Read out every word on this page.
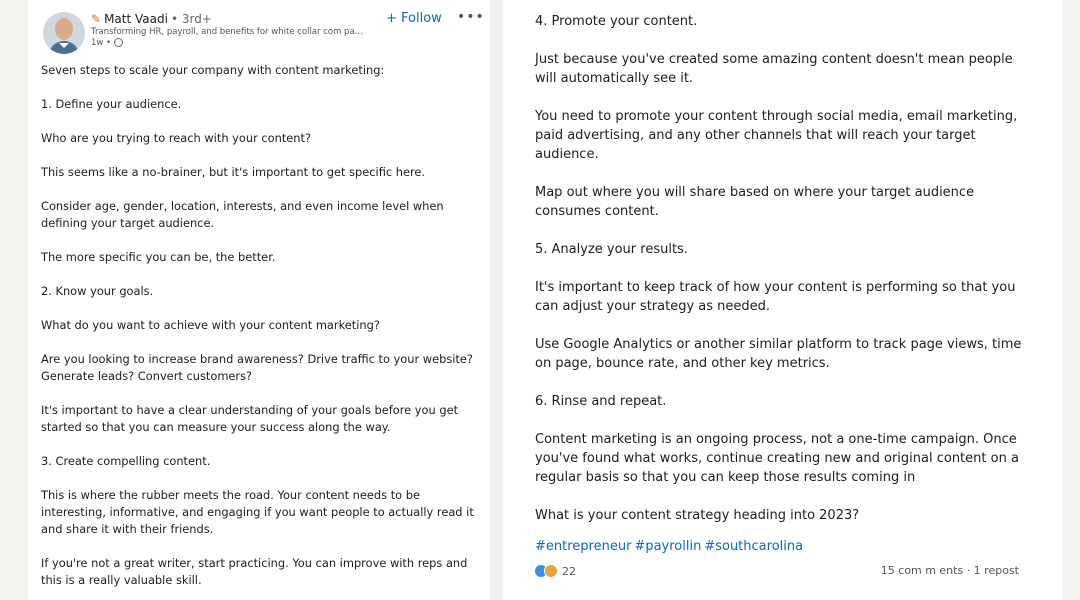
✎ Matt Vaadi • 3rd+
Transforming HR, payroll, and benefits for white collar com pa...
1w •
+ Follow •••

Seven steps to scale your company with content marketing:

1. Define your audience.

Who are you trying to reach with your content?

This seems like a no-brainer, but it's important to get specific here.

Consider age, gender, location, interests, and even income level when defining your target audience.

The more specific you can be, the better.

2. Know your goals.

What do you want to achieve with your content marketing?

Are you looking to increase brand awareness? Drive traffic to your website? Generate leads? Convert customers?

It's important to have a clear understanding of your goals before you get started so that you can measure your success along the way.

3. Create compelling content.

This is where the rubber meets the road. Your content needs to be interesting, informative, and engaging if you want people to actually read it and share it with their friends.

If you're not a great writer, start practicing. You can improve with reps and this is a really valuable skill.

4. Promote your content.

Just because you've created some amazing content doesn't mean people will automatically see it.

You need to promote your content through social media, email marketing, paid advertising, and any other channels that will reach your target audience.

Map out where you will share based on where your target audience consumes content.

5. Analyze your results.

It's important to keep track of how your content is performing so that you can adjust your strategy as needed.

Use Google Analytics or another similar platform to track page views, time on page, bounce rate, and other key metrics.

6. Rinse and repeat.

Content marketing is an ongoing process, not a one-time campaign. Once you've found what works, continue creating new and original content on a regular basis so that you can keep those results coming in

What is your content strategy heading into 2023?

#entrepreneur #payrollin #southcarolina
22	15 com m ents · 1 repost
